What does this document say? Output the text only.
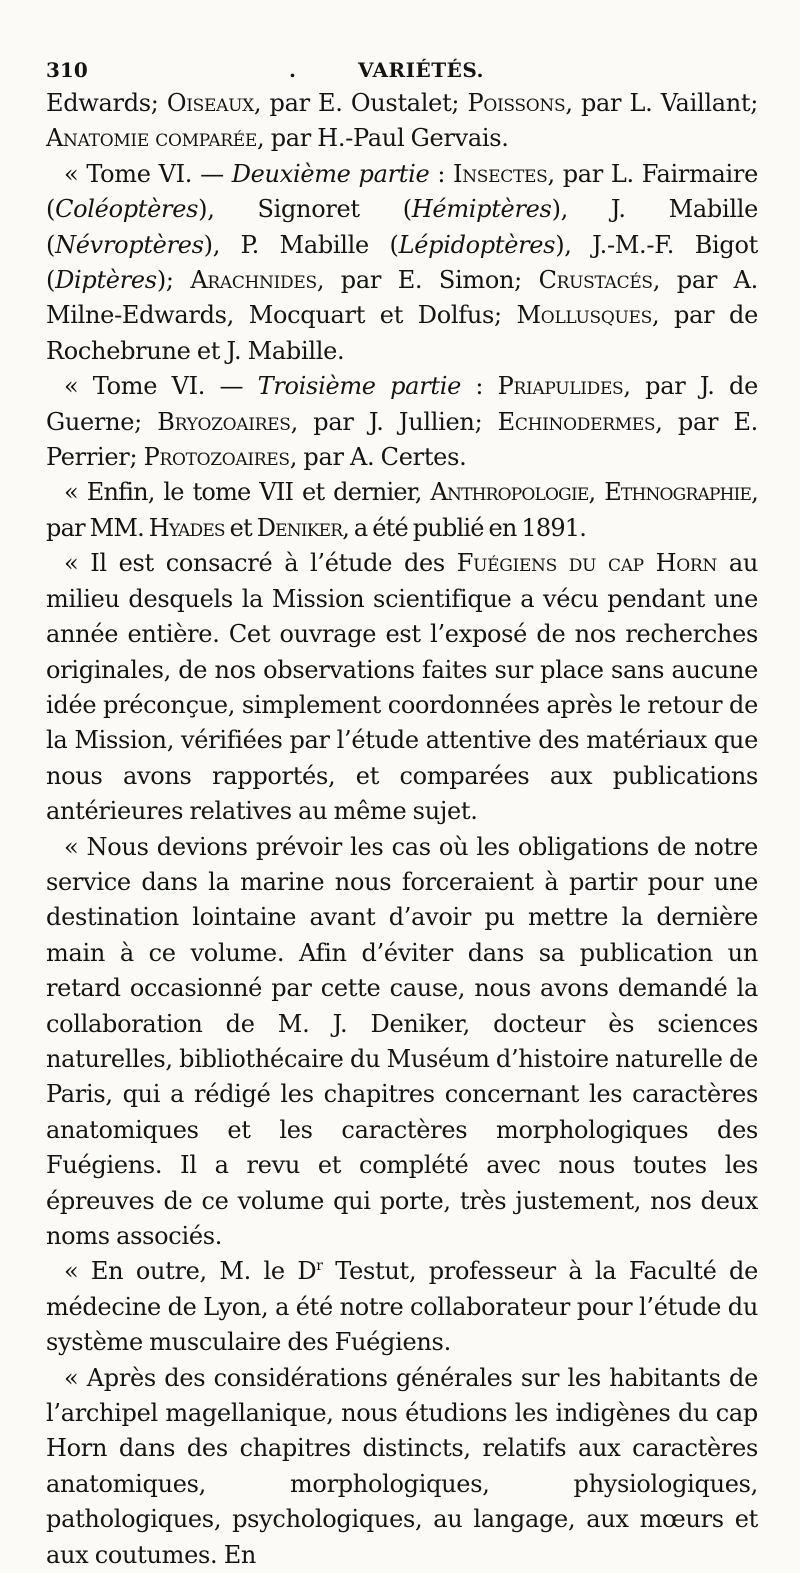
310	.	VARIÉTÉS.

Edwards; Oiseaux, par E. Oustalet; Poissons, par L. Vaillant; Anatomie comparée, par H.-Paul Gervais.

« Tome VI. — Deuxième partie : Insectes, par L. Fairmaire (Coléoptères), Signoret (Hémiptères), J. Mabille (Névroptères), P. Mabille (Lépidoptères), J.-M.-F. Bigot (Diptères); Arachnides, par E. Simon; Crustacés, par A. Milne-Edwards, Mocquart et Dolfus; Mollusques, par de Rochebrune et J. Mabille.

« Tome VI. — Troisième partie : Priapulides, par J. de Guerne; Bryozoaires, par J. Jullien; Echinodermes, par E. Perrier; Protozoaires, par A. Certes.

« Enfin, le tome VII et dernier, Anthropologie, Ethnographie, par MM. Hyades et Deniker, a été publié en 1891.

« Il est consacré à l’étude des Fuégiens du cap Horn au milieu desquels la Mission scientifique a vécu pendant une année entière. Cet ouvrage est l’exposé de nos recherches originales, de nos observations faites sur place sans aucune idée préconçue, simplement coordonnées après le retour de la Mission, vérifiées par l’étude attentive des matériaux que nous avons rapportés, et comparées aux publications antérieures relatives au même sujet.

« Nous devions prévoir les cas où les obligations de notre service dans la marine nous forceraient à partir pour une destination lointaine avant d’avoir pu mettre la dernière main à ce volume. Afin d’éviter dans sa publication un retard occasionné par cette cause, nous avons demandé la collaboration de M. J. Deniker, docteur ès sciences naturelles, bibliothécaire du Muséum d’histoire naturelle de Paris, qui a rédigé les chapitres concernant les caractères anatomiques et les caractères morphologiques des Fuégiens. Il a revu et complété avec nous toutes les épreuves de ce volume qui porte, très justement, nos deux noms associés.

« En outre, M. le $D^r$ Testut, professeur à la Faculté de médecine de Lyon, a été notre collaborateur pour l’étude du système musculaire des Fuégiens.

« Après des considérations générales sur les habitants de l’archipel magellanique, nous étudions les indigènes du cap Horn dans des chapitres distincts, relatifs aux caractères anatomiques, morphologiques, physiologiques, pathologiques, psychologiques, au langage, aux mœurs et aux coutumes. En
